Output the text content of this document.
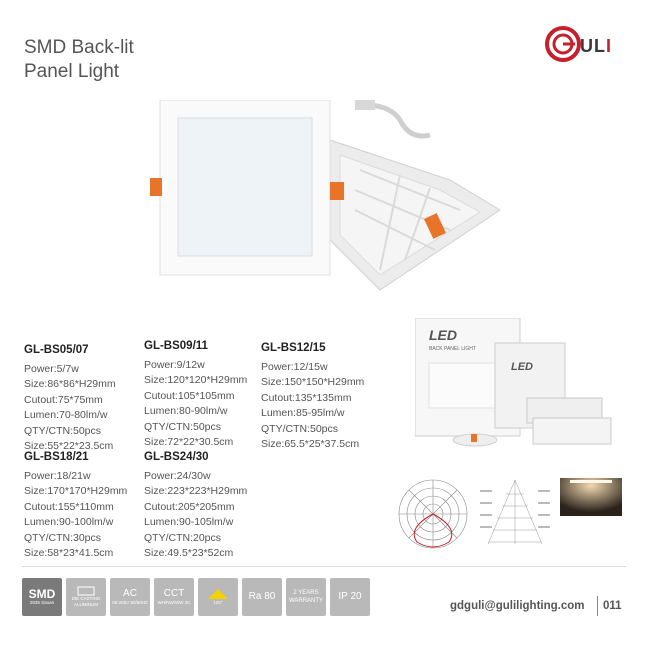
SMD Back-lit
Panel Light
ULI
GL-BS05/07
Power:5/7w
Size:86*86*H29mm
Cutout:75*75mm
Lumen:70-80lm/w
QTY/CTN:50pcs
Size:55*22*23.5cm
GL-BS09/11
Power:9/12w
Size:120*120*H29mm
Cutout:105*105mm
Lumen:80-90lm/w
QTY/CTN:50pcs
Size:72*22*30.5cm
GL-BS12/15
Power:12/15w
Size:150*150*H29mm
Cutout:135*135mm
Lumen:85-95lm/w
QTY/CTN:50pcs
Size:65.5*25*37.5cm
GL-BS18/21
Power:18/21w
Size:170*170*H29mm
Cutout:155*110mm
Lumen:90-100lm/w
QTY/CTN:30pcs
Size:58*23*41.5cm
GL-BS24/30
Power:24/30w
Size:223*223*H29mm
Cutout:205*205mm
Lumen:90-105lm/w
QTY/CTN:20pcs
Size:49.5*23*52cm
LED
BACK PANEL LIGHT
LED
SMD
2835 Sanan
DIE CASTING ALUMINUM
AC
85-265V 50/60HZ
CCT
WH/NW/WW 3C	120°
Ra 80	2 YEARS WARRANTY IP 20
gdguli@gulilighting.com 011
